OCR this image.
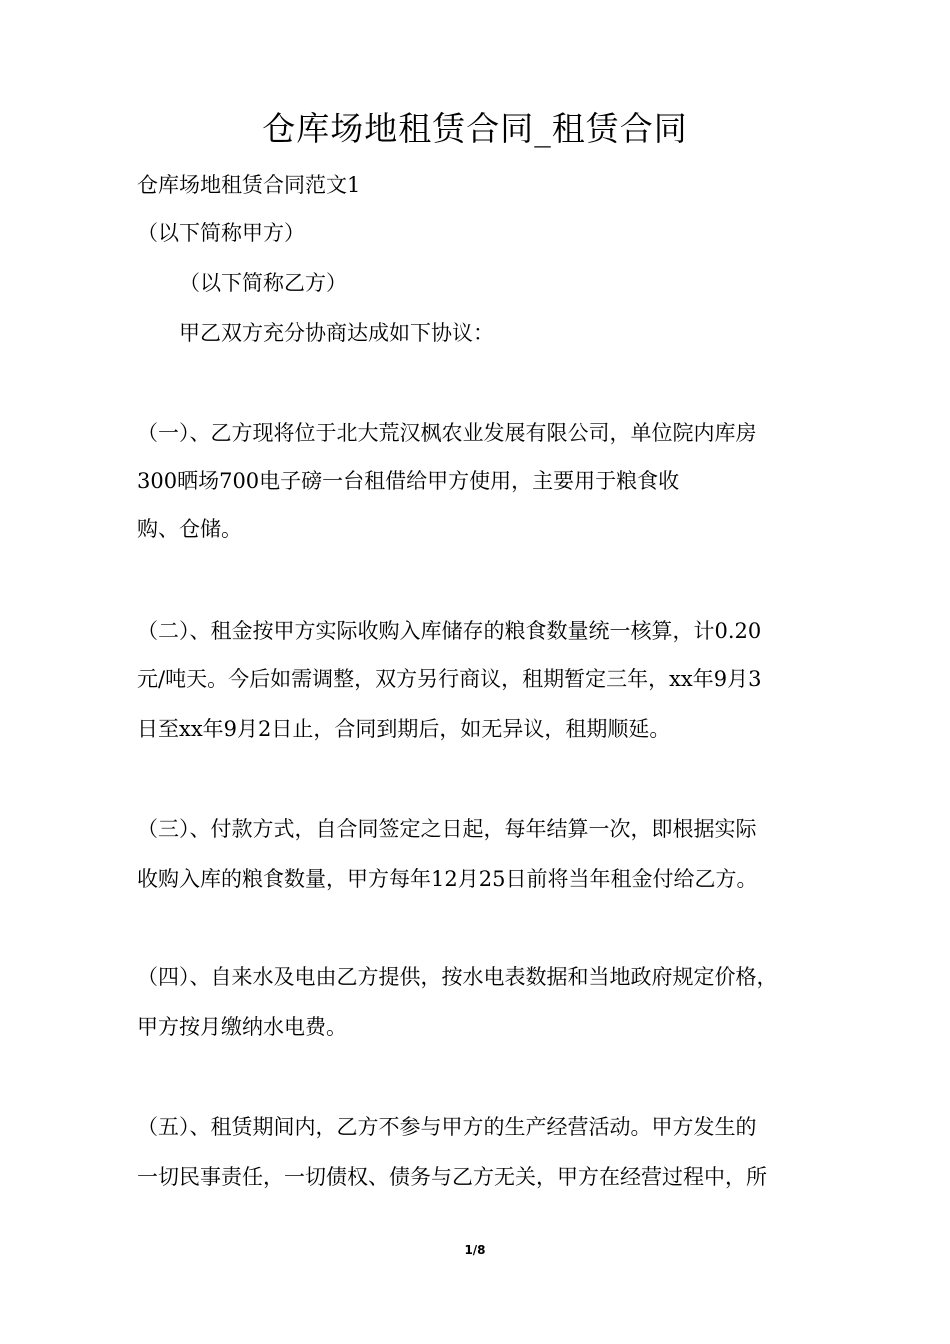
仓库场地租赁合同_租赁合同
仓库场地租赁合同范文1
（以下简称甲方）
（以下简称乙方）
甲乙双方充分协商达成如下协议：
（一）、乙方现将位于北大荒汉枫农业发展有限公司，单位院内库房
300晒场700电子磅一台租借给甲方使用，主要用于粮食收
购、仓储。
（二）、租金按甲方实际收购入库储存的粮食数量统一核算，计0.20
元/吨天。今后如需调整，双方另行商议，租期暂定三年，xx年9月3
日至xx年9月2日止，合同到期后，如无异议，租期顺延。
（三）、付款方式，自合同签定之日起，每年结算一次，即根据实际
收购入库的粮食数量，甲方每年12月25日前将当年租金付给乙方。
（四）、自来水及电由乙方提供，按水电表数据和当地政府规定价格，
甲方按月缴纳水电费。
（五）、租赁期间内，乙方不参与甲方的生产经营活动。甲方发生的
一切民事责任，一切债权、债务与乙方无关，甲方在经营过程中，所
1/8
